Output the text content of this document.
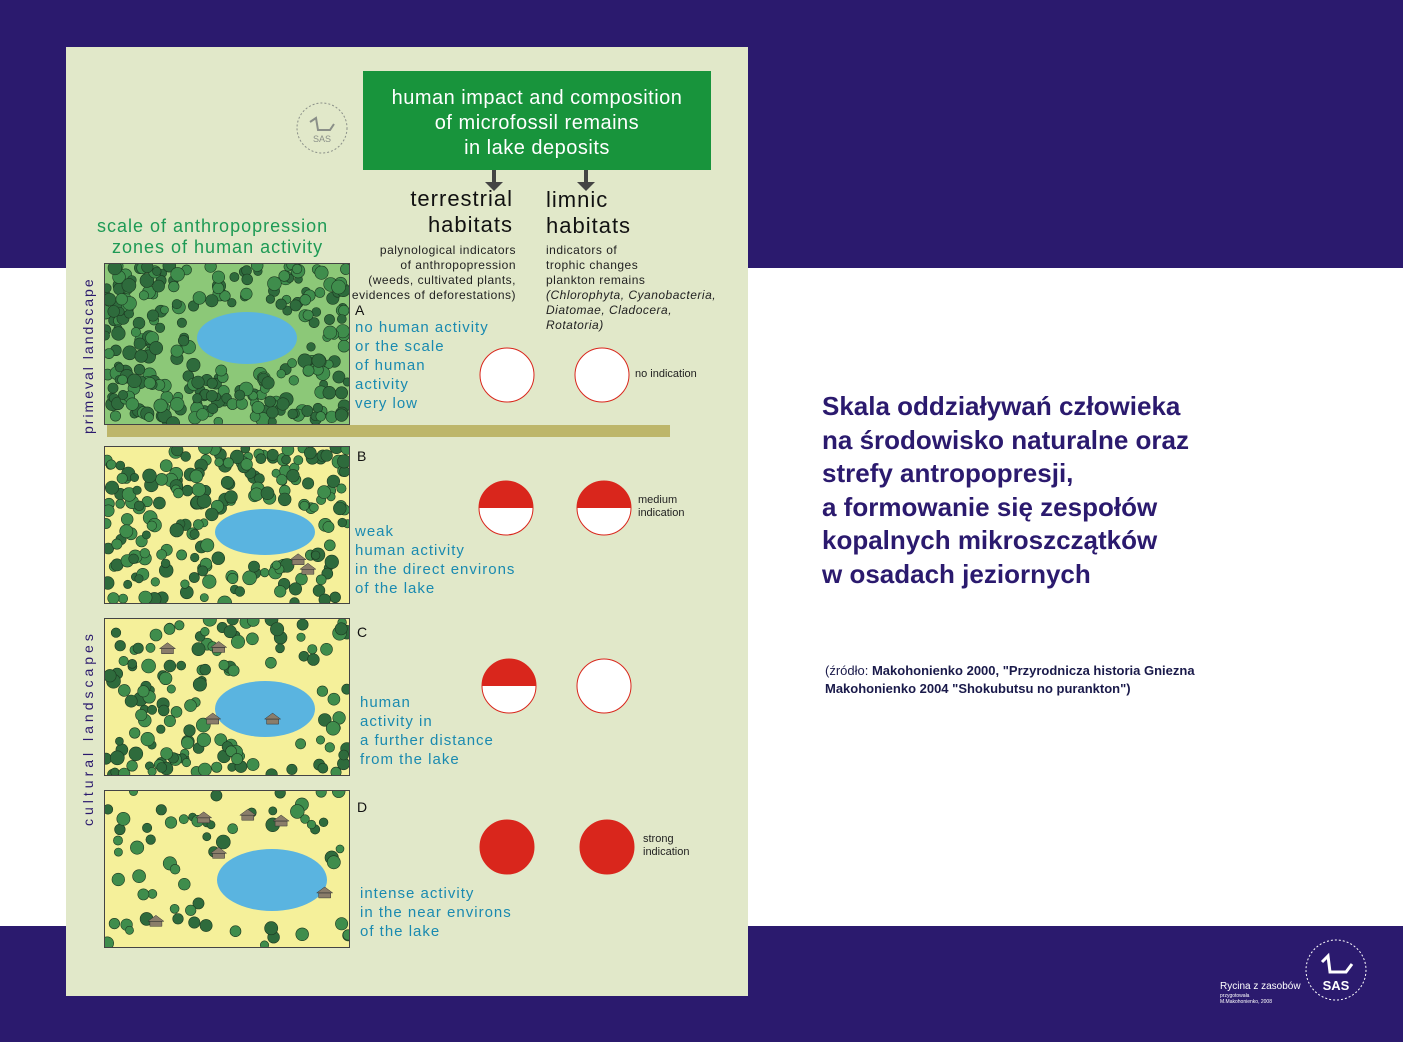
SAS
human impact and composition
of microfossil remains
in lake deposits
terrestrial
habitats
limnic
habitats
scale of anthropopression
zones of human activity	palynological indicators
of anthropopression
(weeds, cultivated plants,
evidences of deforestations)
indicators of
trophic changes
plankton remains
(Chlorophyta, Cyanobacteria,
Diatomae, Cladocera,
Rotatoria)
primeval landscape
cultural landscapes
A
no human activity
or the scale
of human
activity
very low
B
weak
human activity
in the direct environs
of the lake
C
human
activity in
a further distance
from the lake
D
intense activity
in the near environs
of the lake
no indication
medium
indication
strong
indication
Skala oddziaływań człowieka
na środowisko naturalne oraz
strefy antropopresji,
a formowanie się zespołów
kopalnych mikroszczątków
w osadach jeziornych
(źródło: Makohonienko 2000, "Przyrodnicza historia Gniezna
Makohonienko 2004 "Shokubutsu no purankton")
Rycina z zasobów
przygotowała
M.Makohonienko, 2008
SAS
